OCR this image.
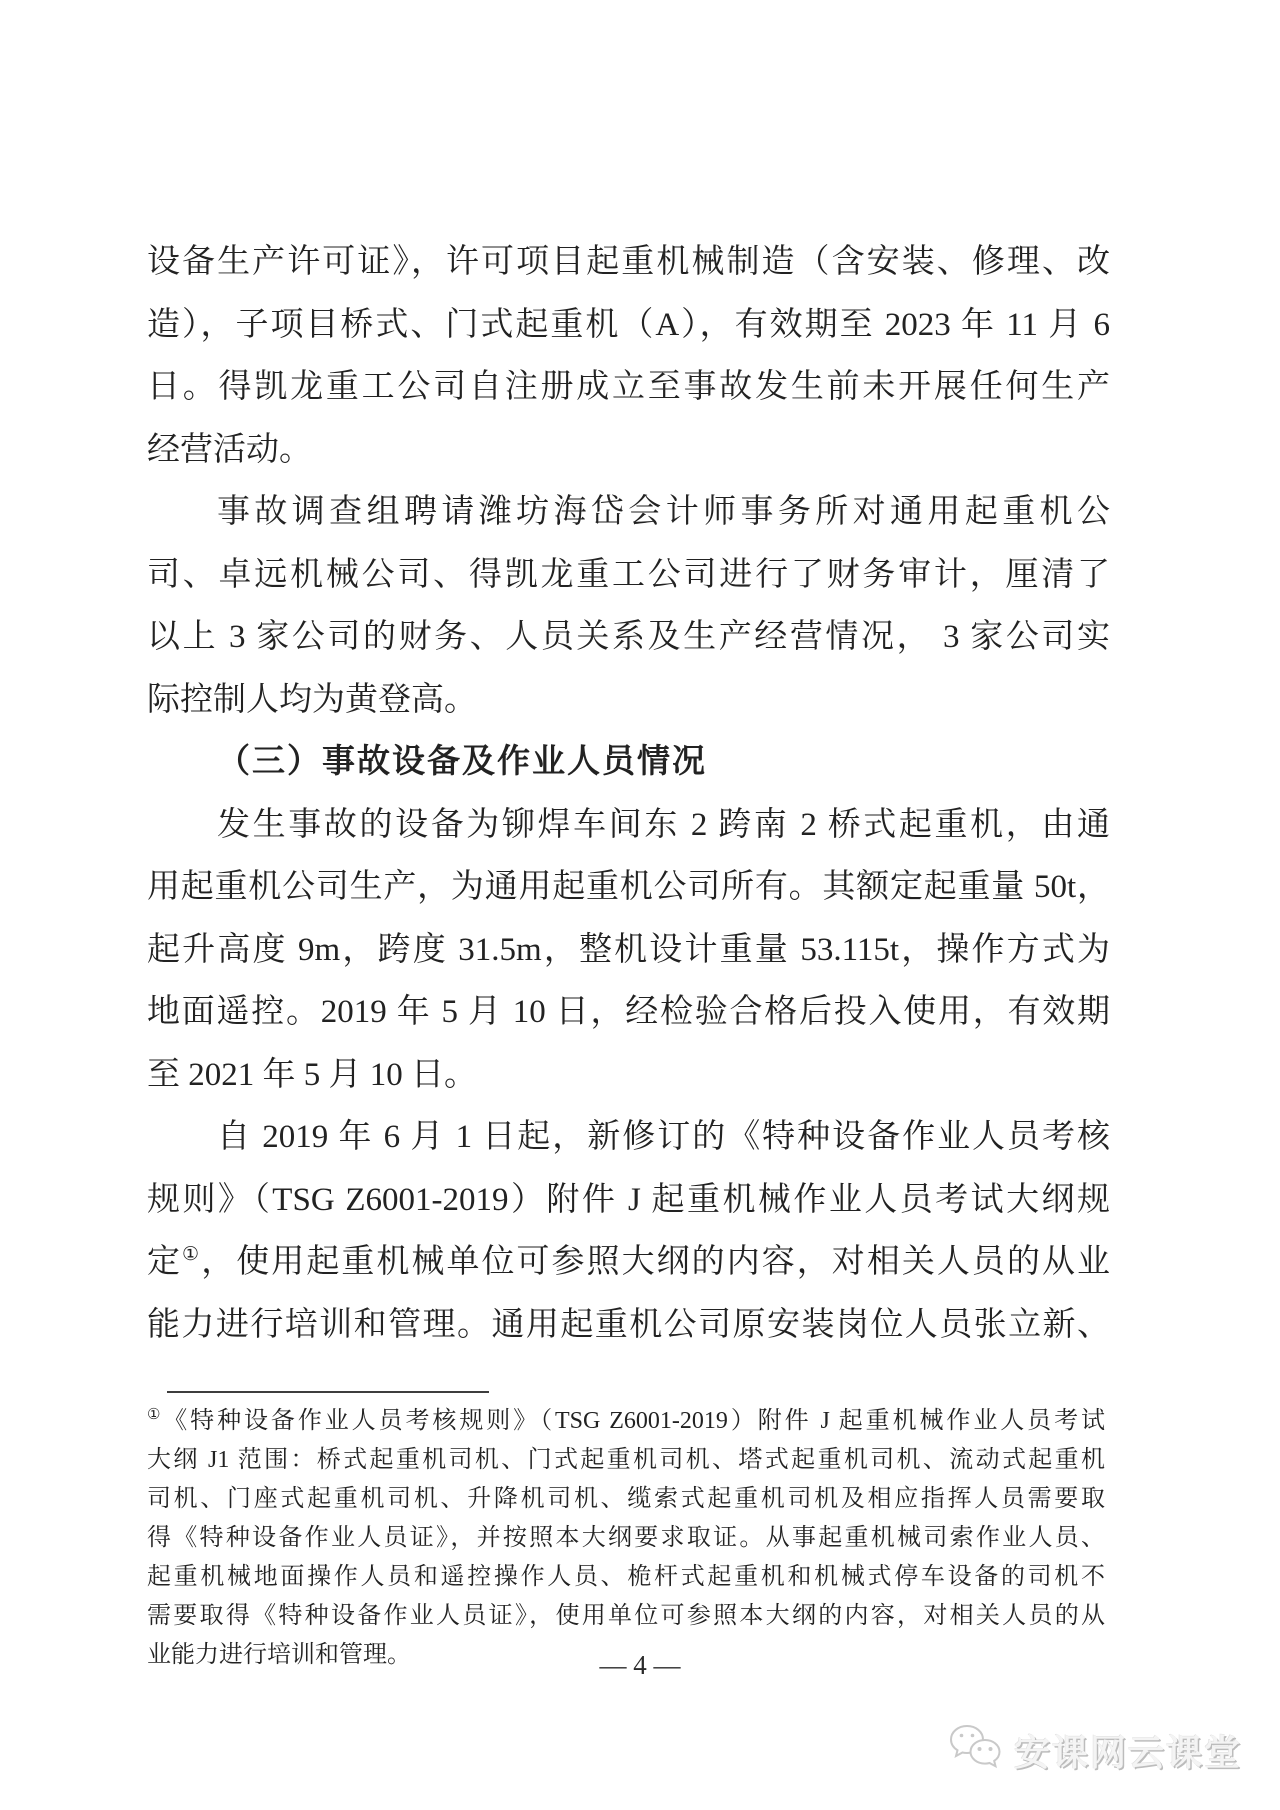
设备生产许可证》，许可项目起重机械制造（含安装、修理、改
造），子项目桥式、门式起重机（A），有效期至 2023 年 11 月 6
日。得凯龙重工公司自注册成立至事故发生前未开展任何生产
经营活动。
事故调查组聘请潍坊海岱会计师事务所对通用起重机公
司、卓远机械公司、得凯龙重工公司进行了财务审计，厘清了
以上 3 家公司的财务、人员关系及生产经营情况， 3 家公司实
际控制人均为黄登高。
（三）事故设备及作业人员情况
发生事故的设备为铆焊车间东 2 跨南 2 桥式起重机，由通
用起重机公司生产，为通用起重机公司所有。其额定起重量 50t，
起升高度 9m，跨度 31.5m，整机设计重量 53.115t，操作方式为
地面遥控。2019 年 5 月 10 日，经检验合格后投入使用，有效期
至 2021 年 5 月 10 日。
自 2019 年 6 月 1 日起，新修订的《特种设备作业人员考核
规则》（TSG Z6001-2019）附件 J 起重机械作业人员考试大纲规
定①，使用起重机械单位可参照大纲的内容，对相关人员的从业
能力进行培训和管理。通用起重机公司原安装岗位人员张立新、
①《特种设备作业人员考核规则》（TSG Z6001-2019）附件 J 起重机械作业人员考试
大纲 J1 范围：桥式起重机司机、门式起重机司机、塔式起重机司机、流动式起重机
司机、门座式起重机司机、升降机司机、缆索式起重机司机及相应指挥人员需要取
得《特种设备作业人员证》，并按照本大纲要求取证。从事起重机械司索作业人员、
起重机械地面操作人员和遥控操作人员、桅杆式起重机和机械式停车设备的司机不
需要取得《特种设备作业人员证》，使用单位可参照本大纲的内容，对相关人员的从
业能力进行培训和管理。	— 4 —
安课网云课堂
